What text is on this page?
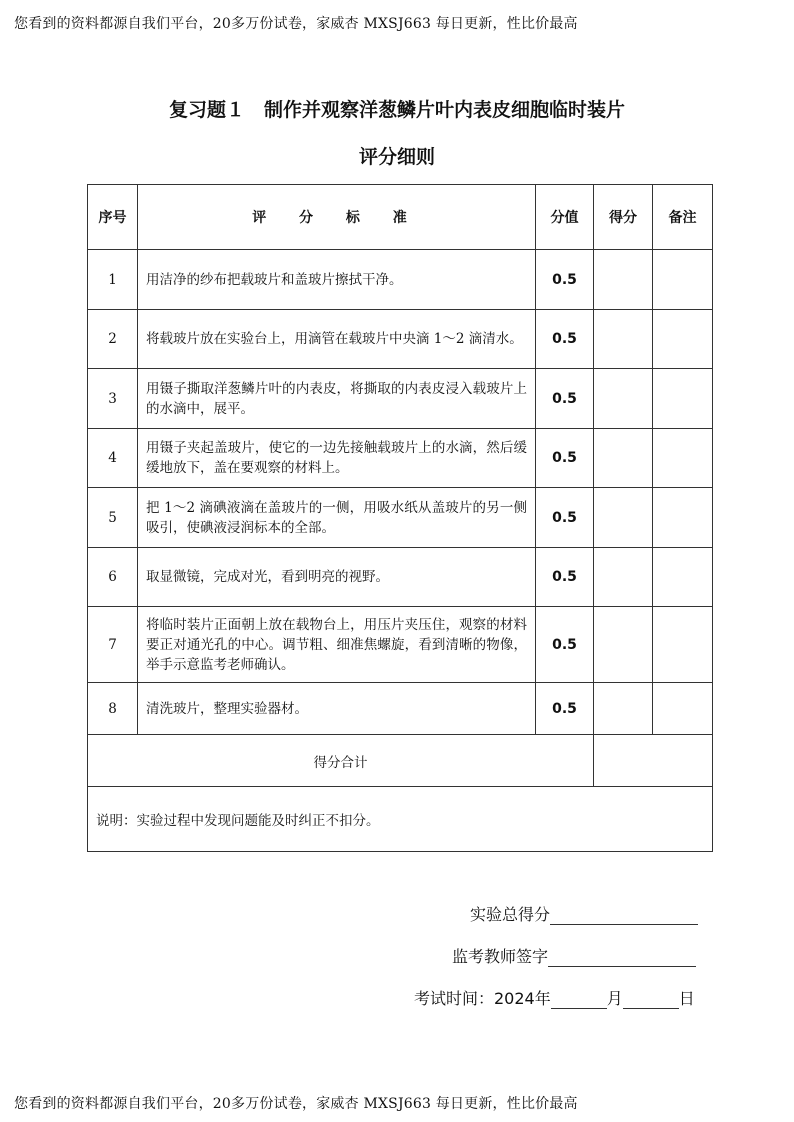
您看到的资料都源自我们平台，20多万份试卷，家威杏 MXSJ663 每日更新，性比价最高
复习题１　制作并观察洋葱鳞片叶内表皮细胞临时装片
评分细则
序号	评 分 标 准	分值	得分	备注
1	用洁净的纱布把载玻片和盖玻片擦拭干净。	0.5		
2	将载玻片放在实验台上，用滴管在载玻片中央滴 1～2 滴清水。	0.5		
3	用镊子撕取洋葱鳞片叶的内表皮，将撕取的内表皮浸入载玻片上的水滴中，展平。	0.5		
4	用镊子夹起盖玻片，使它的一边先接触载玻片上的水滴，然后缓缓地放下，盖在要观察的材料上。	0.5		
5	把 1～2 滴碘液滴在盖玻片的一侧，用吸水纸从盖玻片的另一侧吸引，使碘液浸润标本的全部。	0.5		
6	取显微镜，完成对光，看到明亮的视野。	0.5		
7	将临时装片正面朝上放在载物台上，用压片夹压住，观察的材料要正对通光孔的中心。调节粗、细准焦螺旋，看到清晰的物像，举手示意监考老师确认。	0.5		
8	清洗玻片，整理实验器材。	0.5		
得分合计				
说明：实验过程中发现问题能及时纠正不扣分。				
实验总得分
监考教师签字
考试时间：2024年	月	日
您看到的资料都源自我们平台，20多万份试卷，家威杏 MXSJ663 每日更新，性比价最高
